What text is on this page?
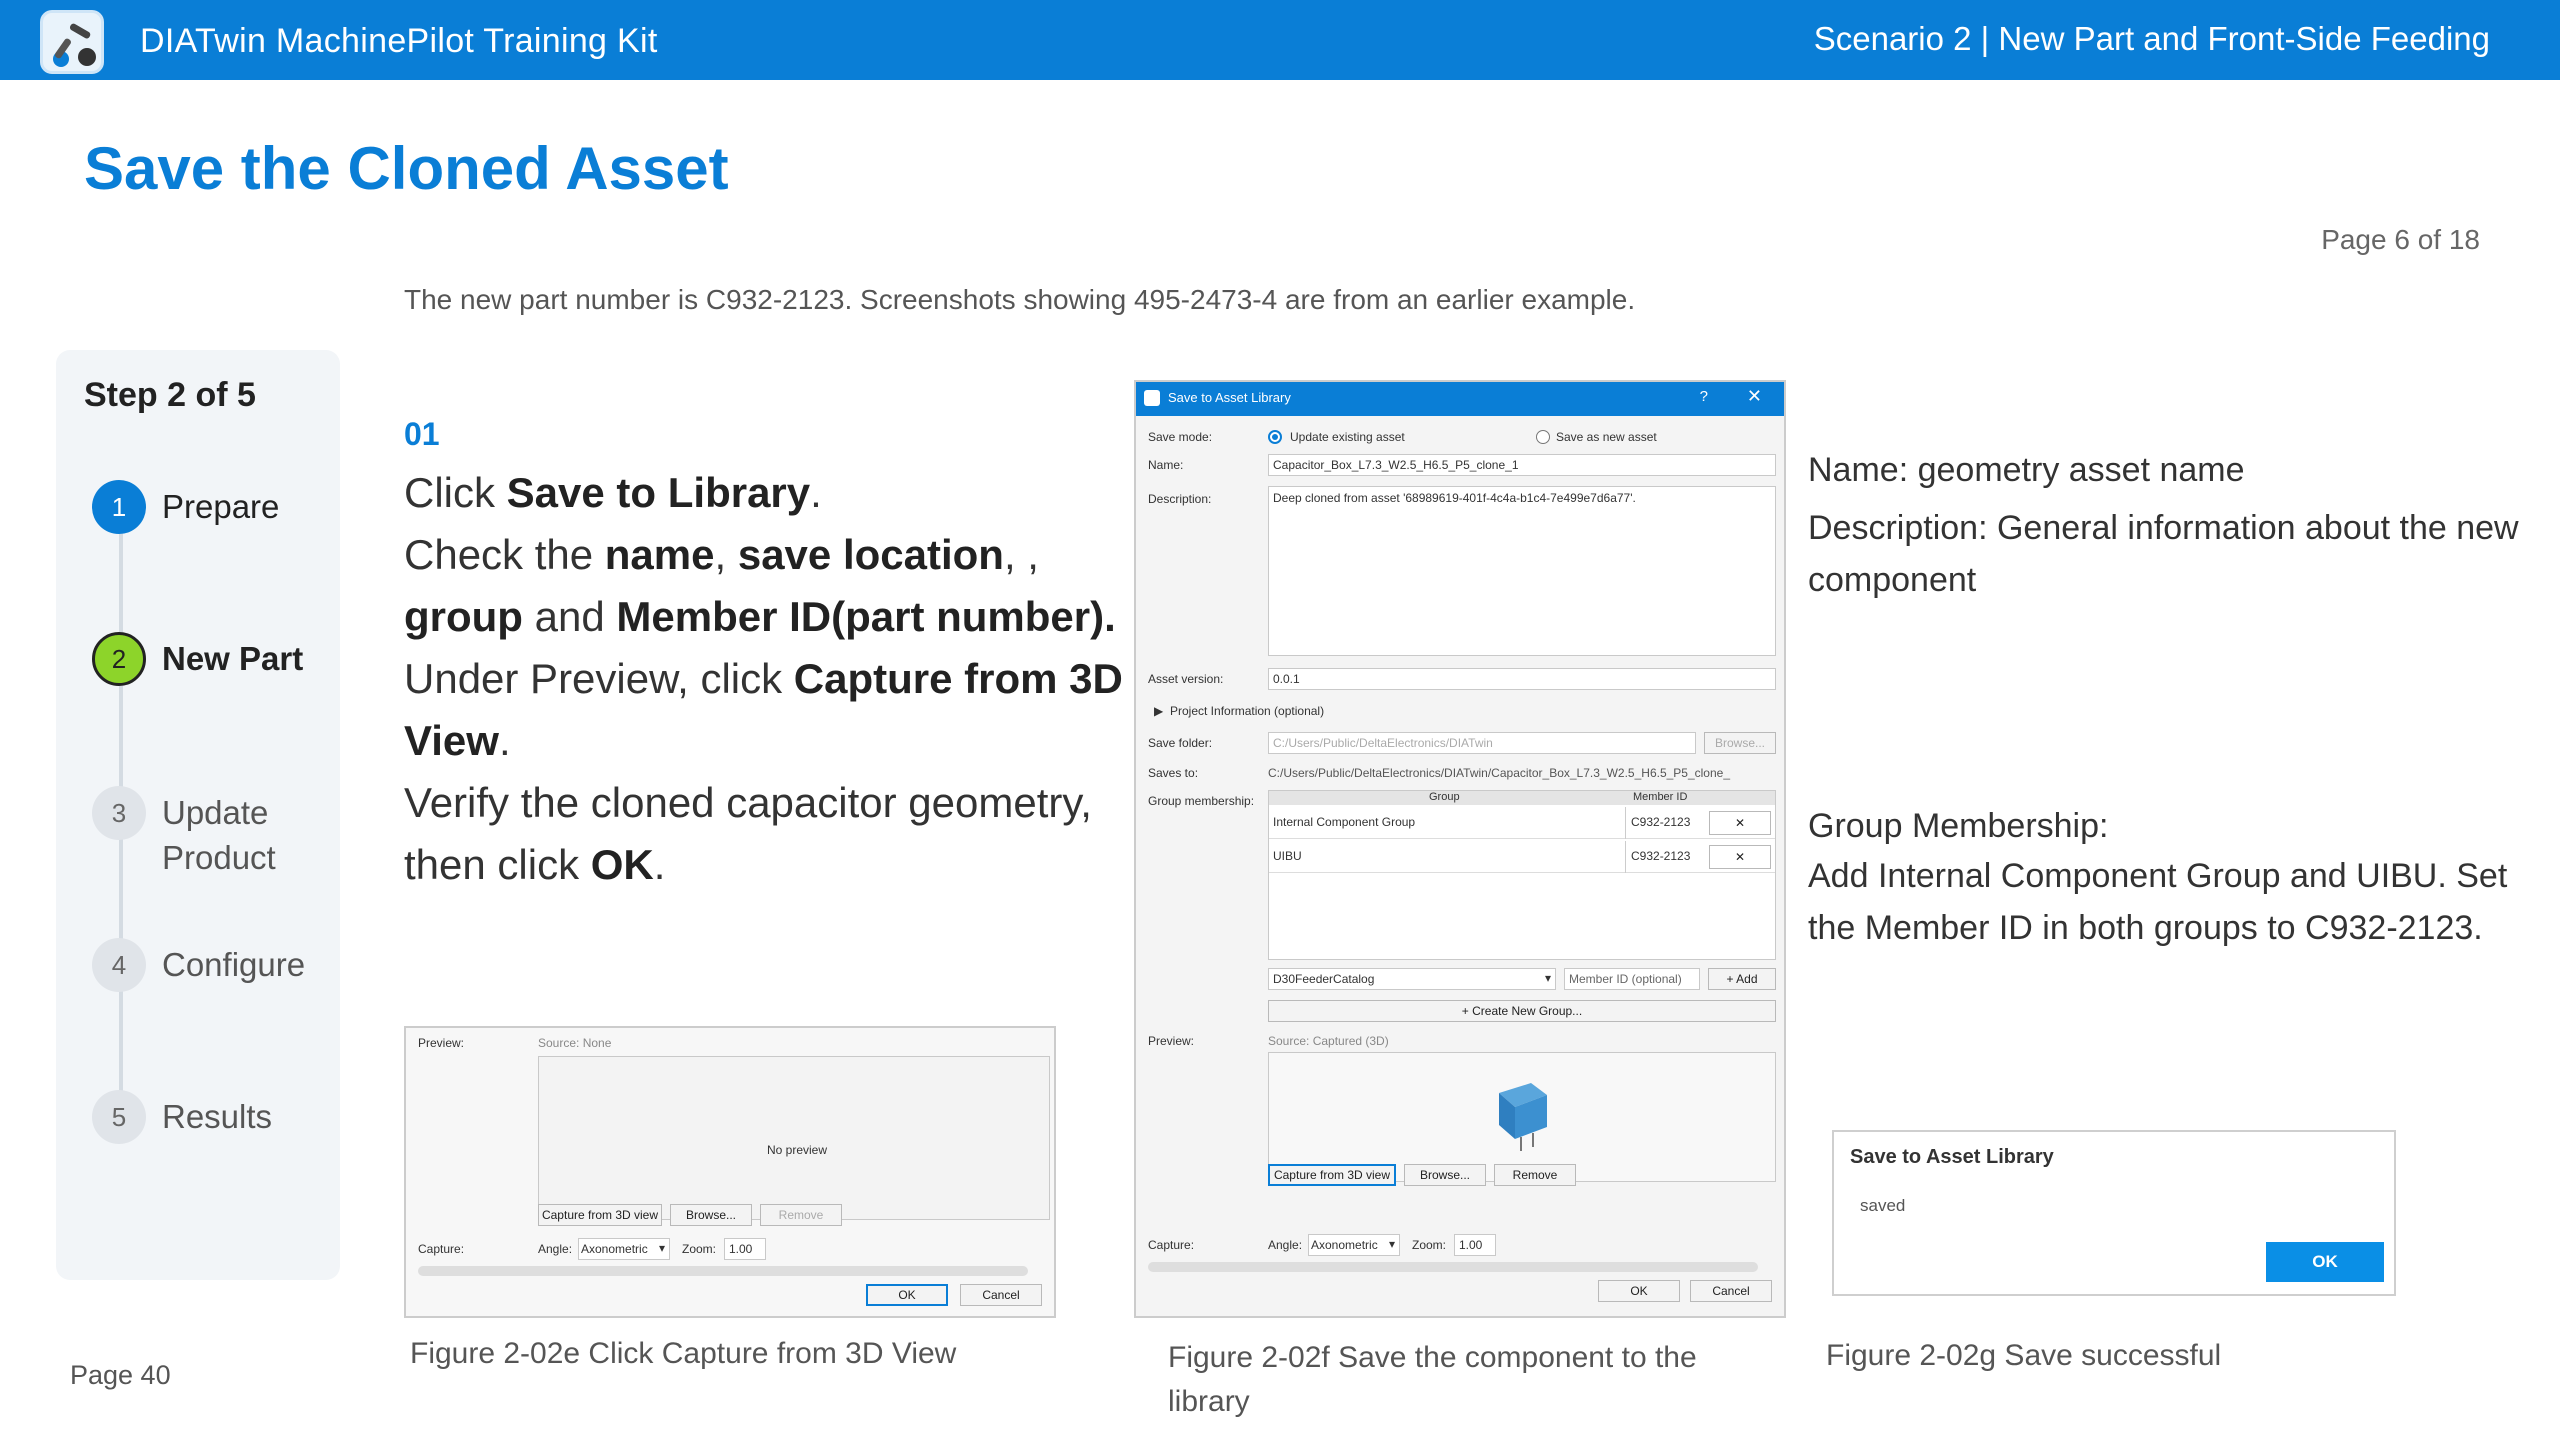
DIATwin MachinePilot Training Kit	Scenario 2 | New Part and Front-Side Feeding
Save the Cloned Asset
Page 6 of 18
The new part number is C932-2123. Screenshots showing 495-2473-4 are from an earlier example.
Step 2 of 5
1	Prepare
2	New Part
3	Update Product
4	Configure
5	Results
01
Click Save to Library.
Check the name, save location, ,
group and Member ID(part number).
Under Preview, click Capture from 3D View.
Verify the cloned capacitor geometry,
then click OK.
Preview:	Source: None
No preview
Capture from 3D view	Browse...	Remove
Capture:	Angle: Axonometric ▾ Zoom: 1.00
OK	Cancel
Figure 2-02e Click Capture from 3D View
Save to Asset Library	? ✕
Save mode:	Update existing asset	Save as new asset
Name:	Capacitor_Box_L7.3_W2.5_H6.5_P5_clone_1
Description:	Deep cloned from asset '68989619-401f-4c4a-b1c4-7e499e7d6a77'.
Asset version:	0.0.1
▶ Project Information (optional)
Save folder:	C:/Users/Public/DeltaElectronics/DIATwin	Browse...
Saves to:	C:/Users/Public/DeltaElectronics/DIATwin/Capacitor_Box_L7.3_W2.5_H6.5_P5_clone_
Group membership:	Group	Member ID
Internal Component Group	C932-2123	✕
UIBU	C932-2123	✕
D30FeederCatalog	▾ Member ID (optional)	+ Add
+ Create New Group...
Preview:	Source: Captured (3D)
Capture from 3D view	Browse...	Remove
Capture:	Angle: Axonometric ▾ Zoom: 1.00
OK	Cancel
Figure 2-02f Save the component to the library
Name: geometry asset name
Description: General information about the new component
Group Membership:
Add Internal Component Group and UIBU. Set the Member ID in both groups to C932-2123.
Save to Asset Library
saved
OK
Figure 2-02g Save successful
Page 40
